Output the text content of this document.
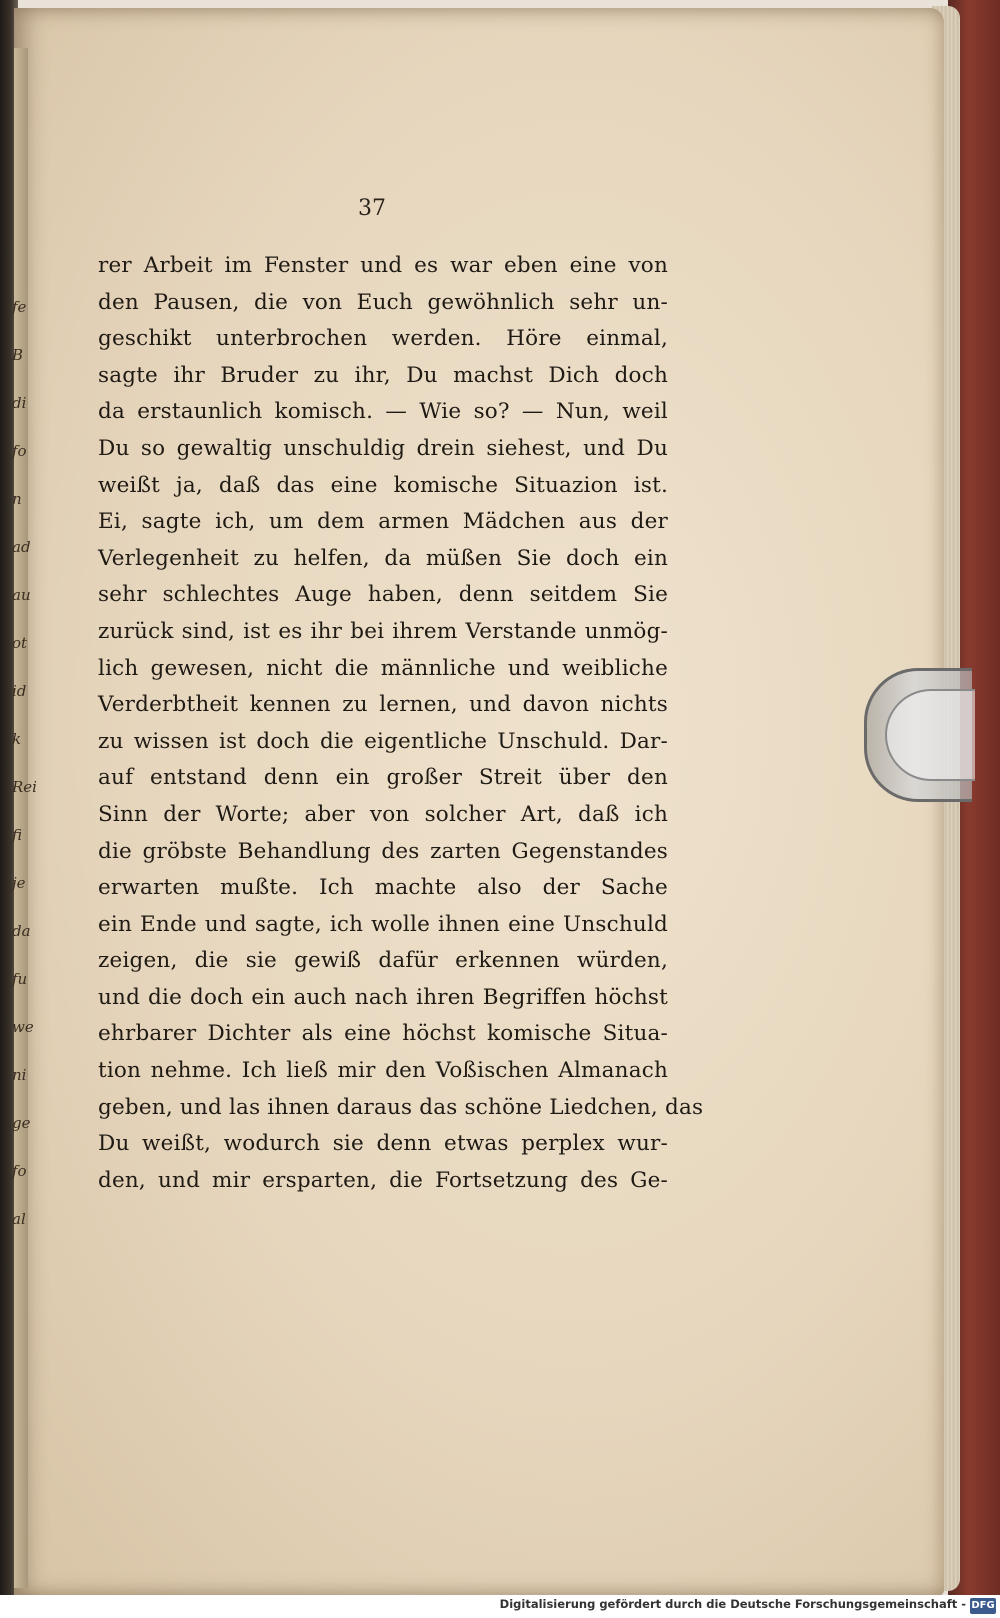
fe
B
di
fo
n
ad
au
ot
id
k
Rei
fi
je
da
fu
we
ni
ge
fo
al
37
rer Arbeit im Fenster und es war eben eine von
den Pausen, die von Euch gewöhnlich sehr un-
geschikt unterbrochen werden. Höre einmal,
sagte ihr Bruder zu ihr, Du machst Dich doch
da erstaunlich komisch. — Wie so? — Nun, weil
Du so gewaltig unschuldig drein siehest, und Du
weißt ja, daß das eine komische Situazion ist.
Ei, sagte ich, um dem armen Mädchen aus der
Verlegenheit zu helfen, da müßen Sie doch ein
sehr schlechtes Auge haben, denn seitdem Sie
zurück sind, ist es ihr bei ihrem Verstande unmög-
lich gewesen, nicht die männliche und weibliche
Verderbtheit kennen zu lernen, und davon nichts
zu wissen ist doch die eigentliche Unschuld. Dar-
auf entstand denn ein großer Streit über den
Sinn der Worte; aber von solcher Art, daß ich
die gröbste Behandlung des zarten Gegenstandes
erwarten mußte. Ich machte also der Sache
ein Ende und sagte, ich wolle ihnen eine Unschuld
zeigen, die sie gewiß dafür erkennen würden,
und die doch ein auch nach ihren Begriffen höchst
ehrbarer Dichter als eine höchst komische Situa-
tion nehme. Ich ließ mir den Voßischen Almanach
geben, und las ihnen daraus das schöne Liedchen, das
Du weißt, wodurch sie denn etwas perplex wur-
den, und mir ersparten, die Fortsetzung des Ge-
Digitalisierung gefördert durch die Deutsche Forschungsgemeinschaft - DFG
